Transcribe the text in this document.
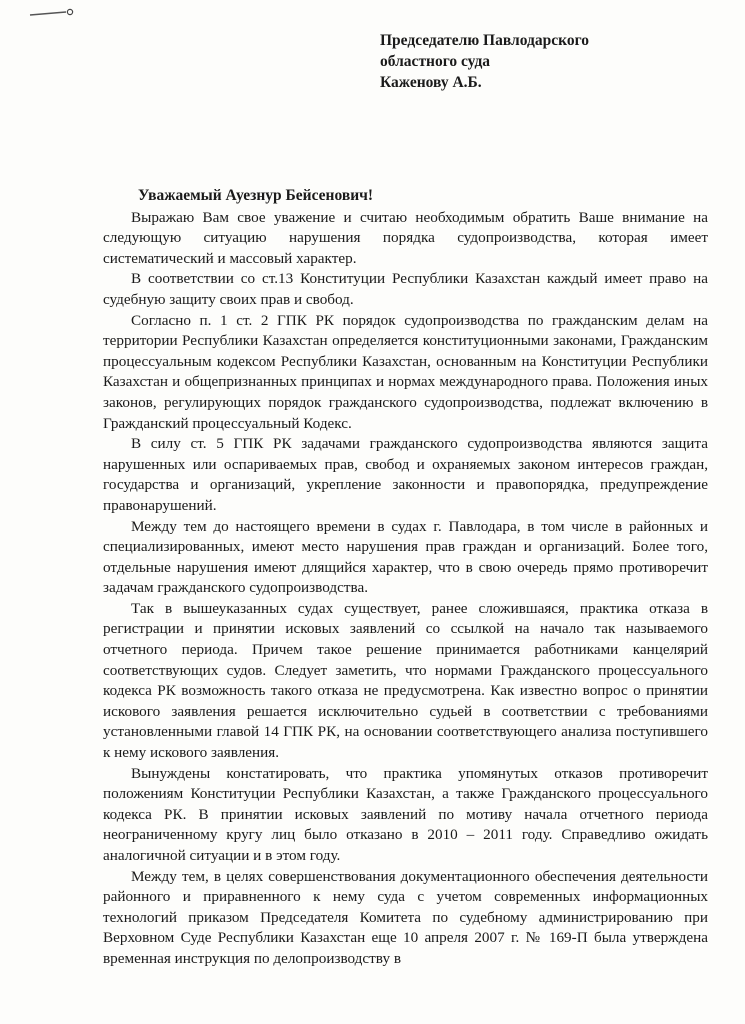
Председателю Павлодарского
областного суда
Каженову А.Б.
Уважаемый Ауезнур Бейсенович!

Выражаю Вам свое уважение и считаю необходимым обратить Ваше внимание на следующую ситуацию нарушения порядка судопроизводства, которая имеет систематический и массовый характер.

В соответствии со ст.13 Конституции Республики Казахстан каждый имеет право на судебную защиту своих прав и свобод.

Согласно п. 1 ст. 2 ГПК РК порядок судопроизводства по гражданским делам на территории Республики Казахстан определяется конституционными законами, Гражданским процессуальным кодексом Республики Казахстан, основанным на Конституции Республики Казахстан и общепризнанных принципах и нормах международного права. Положения иных законов, регулирующих порядок гражданского судопроизводства, подлежат включению в Гражданский процессуальный Кодекс.

В силу ст. 5 ГПК РК задачами гражданского судопроизводства являются защита нарушенных или оспариваемых прав, свобод и охраняемых законом интересов граждан, государства и организаций, укрепление законности и правопорядка, предупреждение правонарушений.

Между тем до настоящего времени в судах г. Павлодара, в том числе в районных и специализированных, имеют место нарушения прав граждан и организаций. Более того, отдельные нарушения имеют длящийся характер, что в свою очередь прямо противоречит задачам гражданского судопроизводства.

Так в вышеуказанных судах существует, ранее сложившаяся, практика отказа в регистрации и принятии исковых заявлений со ссылкой на начало так называемого отчетного периода. Причем такое решение принимается работниками канцелярий соответствующих судов. Следует заметить, что нормами Гражданского процессуального кодекса РК возможность такого отказа не предусмотрена. Как известно вопрос о принятии искового заявления решается исключительно судьей в соответствии с требованиями установленными главой 14 ГПК РК, на основании соответствующего анализа поступившего к нему искового заявления.

Вынуждены констатировать, что практика упомянутых отказов противоречит положениям Конституции Республики Казахстан, а также Гражданского процессуального кодекса РК. В принятии исковых заявлений по мотиву начала отчетного периода неограниченному кругу лиц было отказано в 2010 – 2011 году. Справедливо ожидать аналогичной ситуации и в этом году.

Между тем, в целях совершенствования документационного обеспечения деятельности районного и приравненного к нему суда с учетом современных информационных технологий приказом Председателя Комитета по судебному администрированию при Верховном Суде Республики Казахстан еще 10 апреля 2007 г. № 169-П была утверждена временная инструкция по делопроизводству в
